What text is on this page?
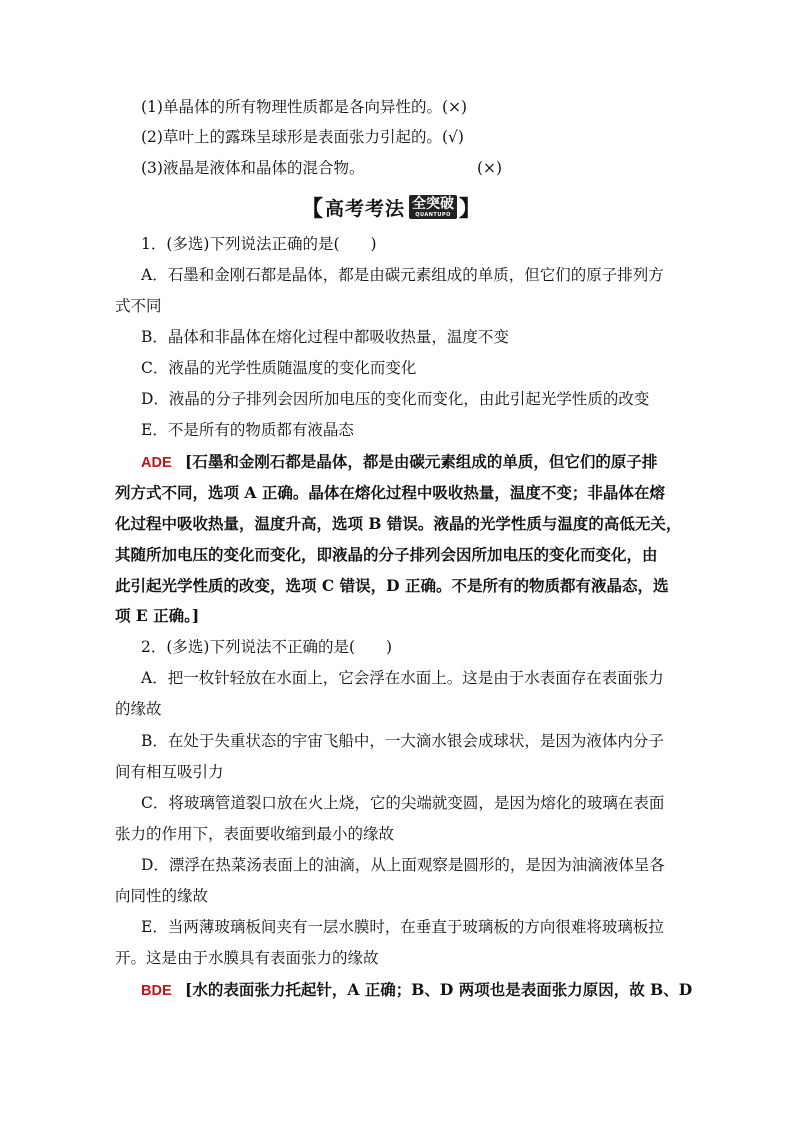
(1)单晶体的所有物理性质都是各向异性的。(×)
(2)草叶上的露珠呈球形是表面张力引起的。(√)
(3)液晶是液体和晶体的混合物。	(×)
【 高考考法 全突破
QUANTUPO 】
1．(多选)下列说法正确的是(　　)
A．石墨和金刚石都是晶体，都是由碳元素组成的单质，但它们的原子排列方
式不同
B．晶体和非晶体在熔化过程中都吸收热量，温度不变
C．液晶的光学性质随温度的变化而变化
D．液晶的分子排列会因所加电压的变化而变化，由此引起光学性质的改变
E．不是所有的物质都有液晶态
ADE [石墨和金刚石都是晶体，都是由碳元素组成的单质，但它们的原子排
列方式不同，选项 A 正确。晶体在熔化过程中吸收热量，温度不变；非晶体在熔
化过程中吸收热量，温度升高，选项 B 错误。液晶的光学性质与温度的高低无关，
其随所加电压的变化而变化，即液晶的分子排列会因所加电压的变化而变化，由
此引起光学性质的改变，选项 C 错误，D 正确。不是所有的物质都有液晶态，选
项 E 正确。]
2．(多选)下列说法不正确的是(　　)
A．把一枚针轻放在水面上，它会浮在水面上。这是由于水表面存在表面张力
的缘故
B．在处于失重状态的宇宙飞船中，一大滴水银会成球状，是因为液体内分子
间有相互吸引力
C．将玻璃管道裂口放在火上烧，它的尖端就变圆，是因为熔化的玻璃在表面
张力的作用下，表面要收缩到最小的缘故
D．漂浮在热菜汤表面上的油滴，从上面观察是圆形的，是因为油滴液体呈各
向同性的缘故
E．当两薄玻璃板间夹有一层水膜时，在垂直于玻璃板的方向很难将玻璃板拉
开。这是由于水膜具有表面张力的缘故
BDE [水的表面张力托起针，A 正确；B、D 两项也是表面张力原因，故 B、D
